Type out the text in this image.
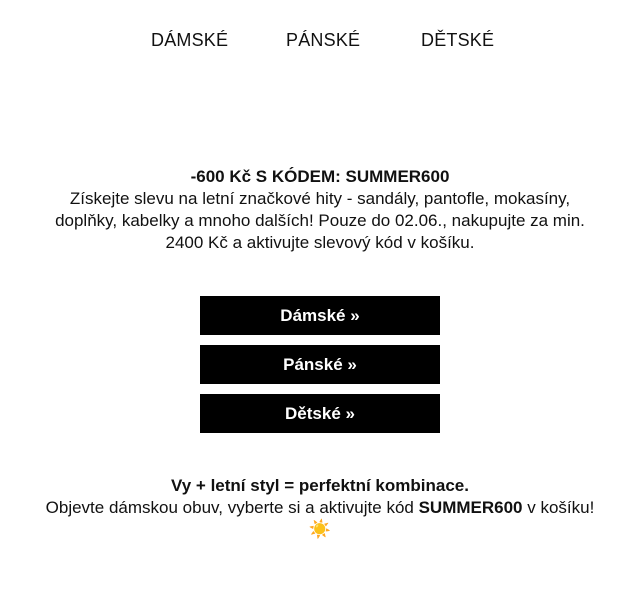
DÁMSKÉ	PÁNSKÉ	DĚTSKÉ
-600 Kč S KÓDEM: SUMMER600
Získejte slevu na letní značkové hity - sandály, pantofle, mokasíny, doplňky, kabelky a mnoho dalších! Pouze do 02.06., nakupujte za min. 2400 Kč a aktivujte slevový kód v košíku.
Dámské »
Pánské »
Dětské »
Vy + letní styl = perfektní kombinace.
Objevte dámskou obuv, vyberte si a aktivujte kód SUMMER600 v košíku! ☀️
